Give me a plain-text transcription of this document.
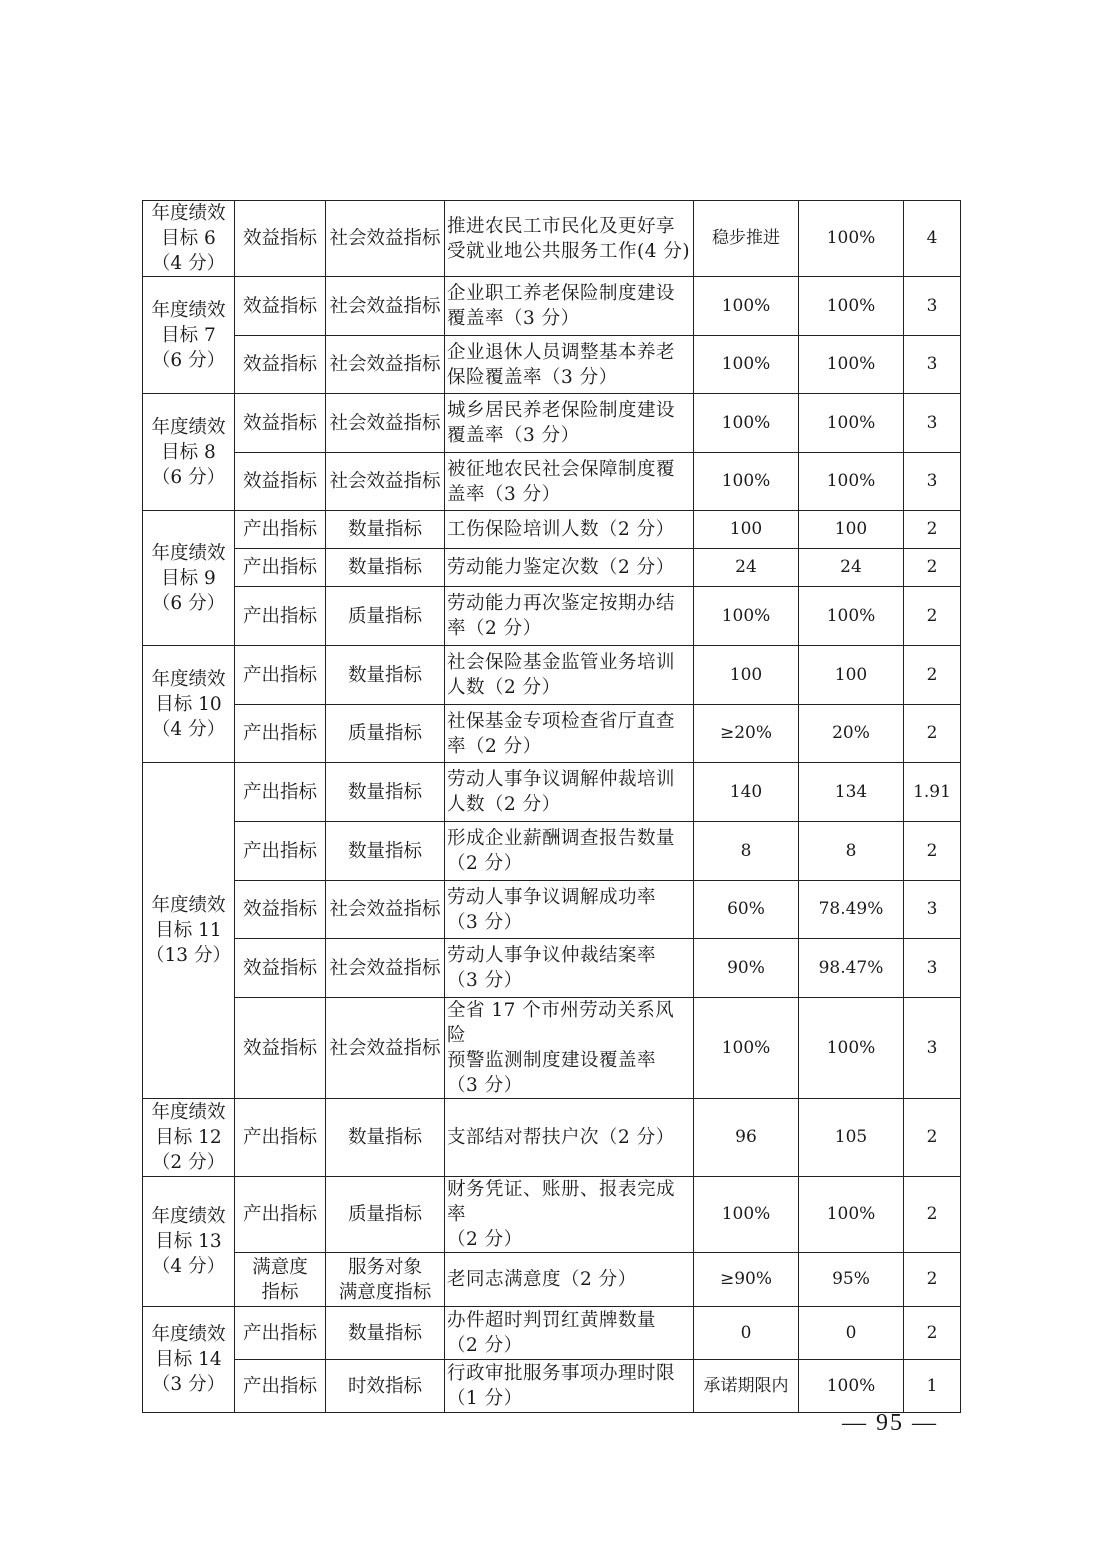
年度绩效
目标 6
（4 分）	效益指标	社会效益指标	推进农民工市民化及更好享
受就业地公共服务工作(4 分)	稳步推进	100%	4
年度绩效
目标 7
（6 分）	效益指标	社会效益指标	企业职工养老保险制度建设
覆盖率（3 分）	100%	100%	3
	效益指标	社会效益指标	企业退休人员调整基本养老
保险覆盖率（3 分）	100%	100%	3
年度绩效
目标 8
（6 分）	效益指标	社会效益指标	城乡居民养老保险制度建设
覆盖率（3 分）	100%	100%	3
	效益指标	社会效益指标	被征地农民社会保障制度覆
盖率（3 分）	100%	100%	3
年度绩效
目标 9
（6 分）	产出指标	数量指标	工伤保险培训人数（2 分）	100	100	2
	产出指标	数量指标	劳动能力鉴定次数（2 分）	24	24	2
	产出指标	质量指标	劳动能力再次鉴定按期办结
率（2 分）	100%	100%	2
年度绩效
目标 10
（4 分）	产出指标	数量指标	社会保险基金监管业务培训
人数（2 分）	100	100	2
	产出指标	质量指标	社保基金专项检查省厅直查
率（2 分）	≥20%	20%	2
年度绩效
目标 11
（13 分）	产出指标	数量指标	劳动人事争议调解仲裁培训
人数（2 分）	140	134	1.91
	产出指标	数量指标	形成企业薪酬调查报告数量
（2 分）	8	8	2
	效益指标	社会效益指标	劳动人事争议调解成功率
（3 分）	60%	78.49%	3
	效益指标	社会效益指标	劳动人事争议仲裁结案率
（3 分）	90%	98.47%	3
	效益指标	社会效益指标	全省 17 个市州劳动关系风险
预警监测制度建设覆盖率
（3 分）	100%	100%	3
年度绩效
目标 12
（2 分）	产出指标	数量指标	支部结对帮扶户次（2 分）	96	105	2
年度绩效
目标 13
（4 分）	产出指标	质量指标	财务凭证、账册、报表完成率
（2 分）	100%	100%	2
	满意度
指标	服务对象
满意度指标	老同志满意度（2 分）	≥90%	95%	2
年度绩效
目标 14
（3 分）	产出指标	数量指标	办件超时判罚红黄牌数量
（2 分）	0	0	2
	产出指标	时效指标	行政审批服务事项办理时限
（1 分）	承诺期限内	100%	1
— 95 —
